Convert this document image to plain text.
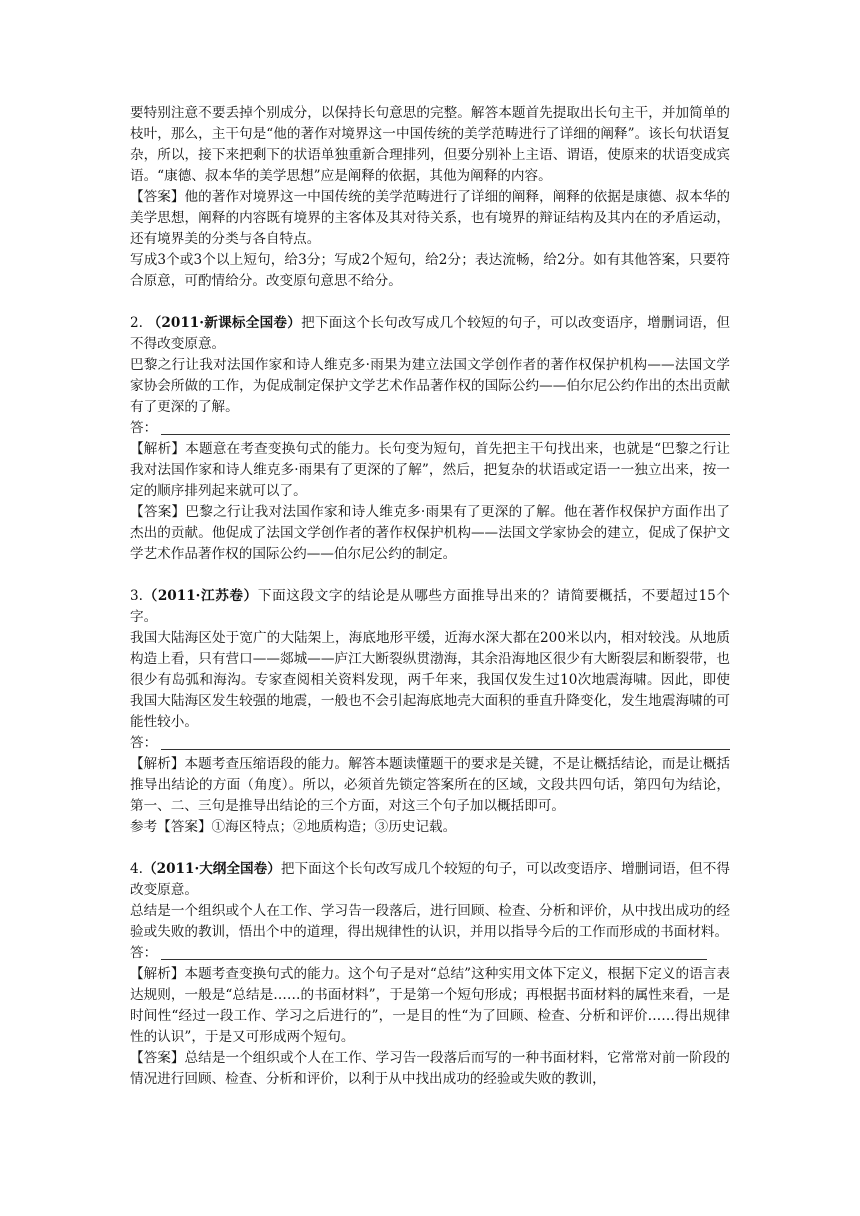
要特别注意不要丢掉个别成分，以保持长句意思的完整。解答本题首先提取出长句主干，并加简单的枝叶，那么，主干句是“他的著作对境界这一中国传统的美学范畴进行了详细的阐释”。该长句状语复杂，所以，接下来把剩下的状语单独重新合理排列，但要分别补上主语、谓语，使原来的状语变成宾语。“康德、叔本华的美学思想”应是阐释的依据，其他为阐释的内容。

【答案】他的著作对境界这一中国传统的美学范畴进行了详细的阐释，阐释的依据是康德、叔本华的美学思想，阐释的内容既有境界的主客体及其对待关系，也有境界的辩证结构及其内在的矛盾运动，还有境界美的分类与各自特点。

写成3个或3个以上短句，给3分；写成2个短句，给2分；表达流畅，给2分。如有其他答案，只要符合原意，可酌情给分。改变原句意思不给分。

2. （2011·新课标全国卷）把下面这个长句改写成几个较短的句子，可以改变语序，增删词语，但不得改变原意。

巴黎之行让我对法国作家和诗人维克多·雨果为建立法国文学创作者的著作权保护机构——法国文学家协会所做的工作，为促成制定保护文学艺术作品著作权的国际公约——伯尔尼公约作出的杰出贡献有了更深的了解。

答：

【解析】本题意在考查变换句式的能力。长句变为短句，首先把主干句找出来，也就是“巴黎之行让我对法国作家和诗人维克多·雨果有了更深的了解”，然后，把复杂的状语或定语一一独立出来，按一定的顺序排列起来就可以了。

【答案】巴黎之行让我对法国作家和诗人维克多·雨果有了更深的了解。他在著作权保护方面作出了杰出的贡献。他促成了法国文学创作者的著作权保护机构——法国文学家协会的建立，促成了保护文学艺术作品著作权的国际公约——伯尔尼公约的制定。

3.（2011·江苏卷）下面这段文字的结论是从哪些方面推导出来的？请简要概括，不要超过15个字。

我国大陆海区处于宽广的大陆架上，海底地形平缓，近海水深大都在200米以内，相对较浅。从地质构造上看，只有营口——郯城——庐江大断裂纵贯渤海，其余沿海地区很少有大断裂层和断裂带，也很少有岛弧和海沟。专家查阅相关资料发现，两千年来，我国仅发生过10次地震海啸。因此，即使我国大陆海区发生较强的地震，一般也不会引起海底地壳大面积的垂直升降变化，发生地震海啸的可能性较小。

答：

【解析】本题考查压缩语段的能力。解答本题读懂题干的要求是关键，不是让概括结论，而是让概括推导出结论的方面（角度）。所以，必须首先锁定答案所在的区域，文段共四句话，第四句为结论，第一、二、三句是推导出结论的三个方面，对这三个句子加以概括即可。

参考【答案】①海区特点；②地质构造；③历史记载。

4.（2011·大纲全国卷）把下面这个长句改写成几个较短的句子，可以改变语序、增删词语，但不得改变原意。

总结是一个组织或个人在工作、学习告一段落后，进行回顾、检查、分析和评价，从中找出成功的经验或失败的教训，悟出个中的道理，得出规律性的认识，并用以指导今后的工作而形成的书面材料。

答：

【解析】本题考查变换句式的能力。这个句子是对“总结”这种实用文体下定义，根据下定义的语言表达规则，一般是“总结是……的书面材料”，于是第一个短句形成；再根据书面材料的属性来看，一是时间性“经过一段工作、学习之后进行的”，一是目的性“为了回顾、检查、分析和评价……得出规律性的认识”，于是又可形成两个短句。

【答案】总结是一个组织或个人在工作、学习告一段落后而写的一种书面材料，它常常对前一阶段的情况进行回顾、检查、分析和评价，以利于从中找出成功的经验或失败的教训，
